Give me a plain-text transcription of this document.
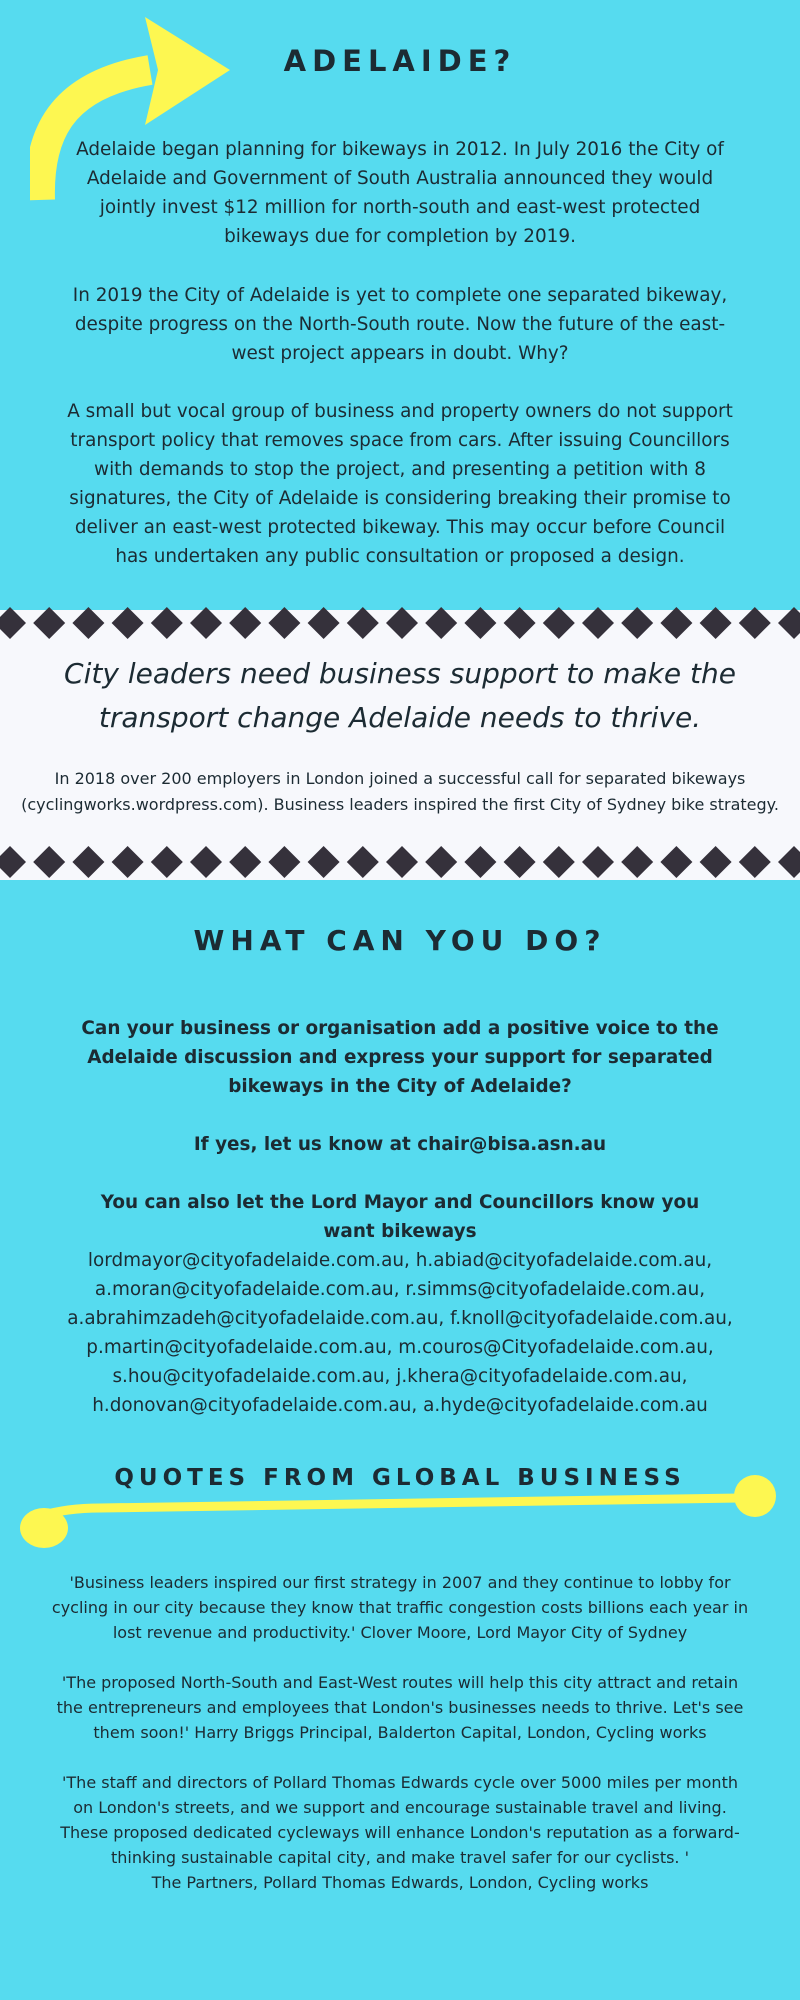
ADELAIDE?
Adelaide began planning for bikeways in 2012. In July 2016 the City of Adelaide and Government of South Australia announced they would jointly invest $12 million for north-south and east-west protected bikeways due for completion by 2019.
In 2019 the City of Adelaide is yet to complete one separated bikeway, despite progress on the North-South route. Now the future of the east-west project appears in doubt. Why?
A small but vocal group of business and property owners do not support transport policy that removes space from cars. After issuing Councillors with demands to stop the project, and presenting a petition with 8 signatures, the City of Adelaide is considering breaking their promise to deliver an east-west protected bikeway. This may occur before Council has undertaken any public consultation or proposed a design.
City leaders need business support to make the transport change Adelaide needs to thrive.
In 2018 over 200 employers in London joined a successful call for separated bikeways (cyclingworks.wordpress.com). Business leaders inspired the first City of Sydney bike strategy.
WHAT CAN YOU DO?
Can your business or organisation add a positive voice to the Adelaide discussion and express your support for separated bikeways in the City of Adelaide?
If yes, let us know at chair@bisa.asn.au
You can also let the Lord Mayor and Councillors know you want bikeways
lordmayor@cityofadelaide.com.au, h.abiad@cityofadelaide.com.au, a.moran@cityofadelaide.com.au, r.simms@cityofadelaide.com.au, a.abrahimzadeh@cityofadelaide.com.au, f.knoll@cityofadelaide.com.au, p.martin@cityofadelaide.com.au, m.couros@Cityofadelaide.com.au, s.hou@cityofadelaide.com.au, j.khera@cityofadelaide.com.au, h.donovan@cityofadelaide.com.au, a.hyde@cityofadelaide.com.au
QUOTES FROM GLOBAL BUSINESS
'Business leaders inspired our first strategy in 2007 and they continue to lobby for cycling in our city because they know that traffic congestion costs billions each year in lost revenue and productivity.' Clover Moore, Lord Mayor City of Sydney
'The proposed North-South and East-West routes will help this city attract and retain the entrepreneurs and employees that London's businesses needs to thrive. Let's see them soon!' Harry Briggs Principal, Balderton Capital, London, Cycling works
'The staff and directors of Pollard Thomas Edwards cycle over 5000 miles per month on London's streets, and we support and encourage sustainable travel and living. These proposed dedicated cycleways will enhance London's reputation as a forward-thinking sustainable capital city, and make travel safer for our cyclists. '
The Partners, Pollard Thomas Edwards, London, Cycling works
